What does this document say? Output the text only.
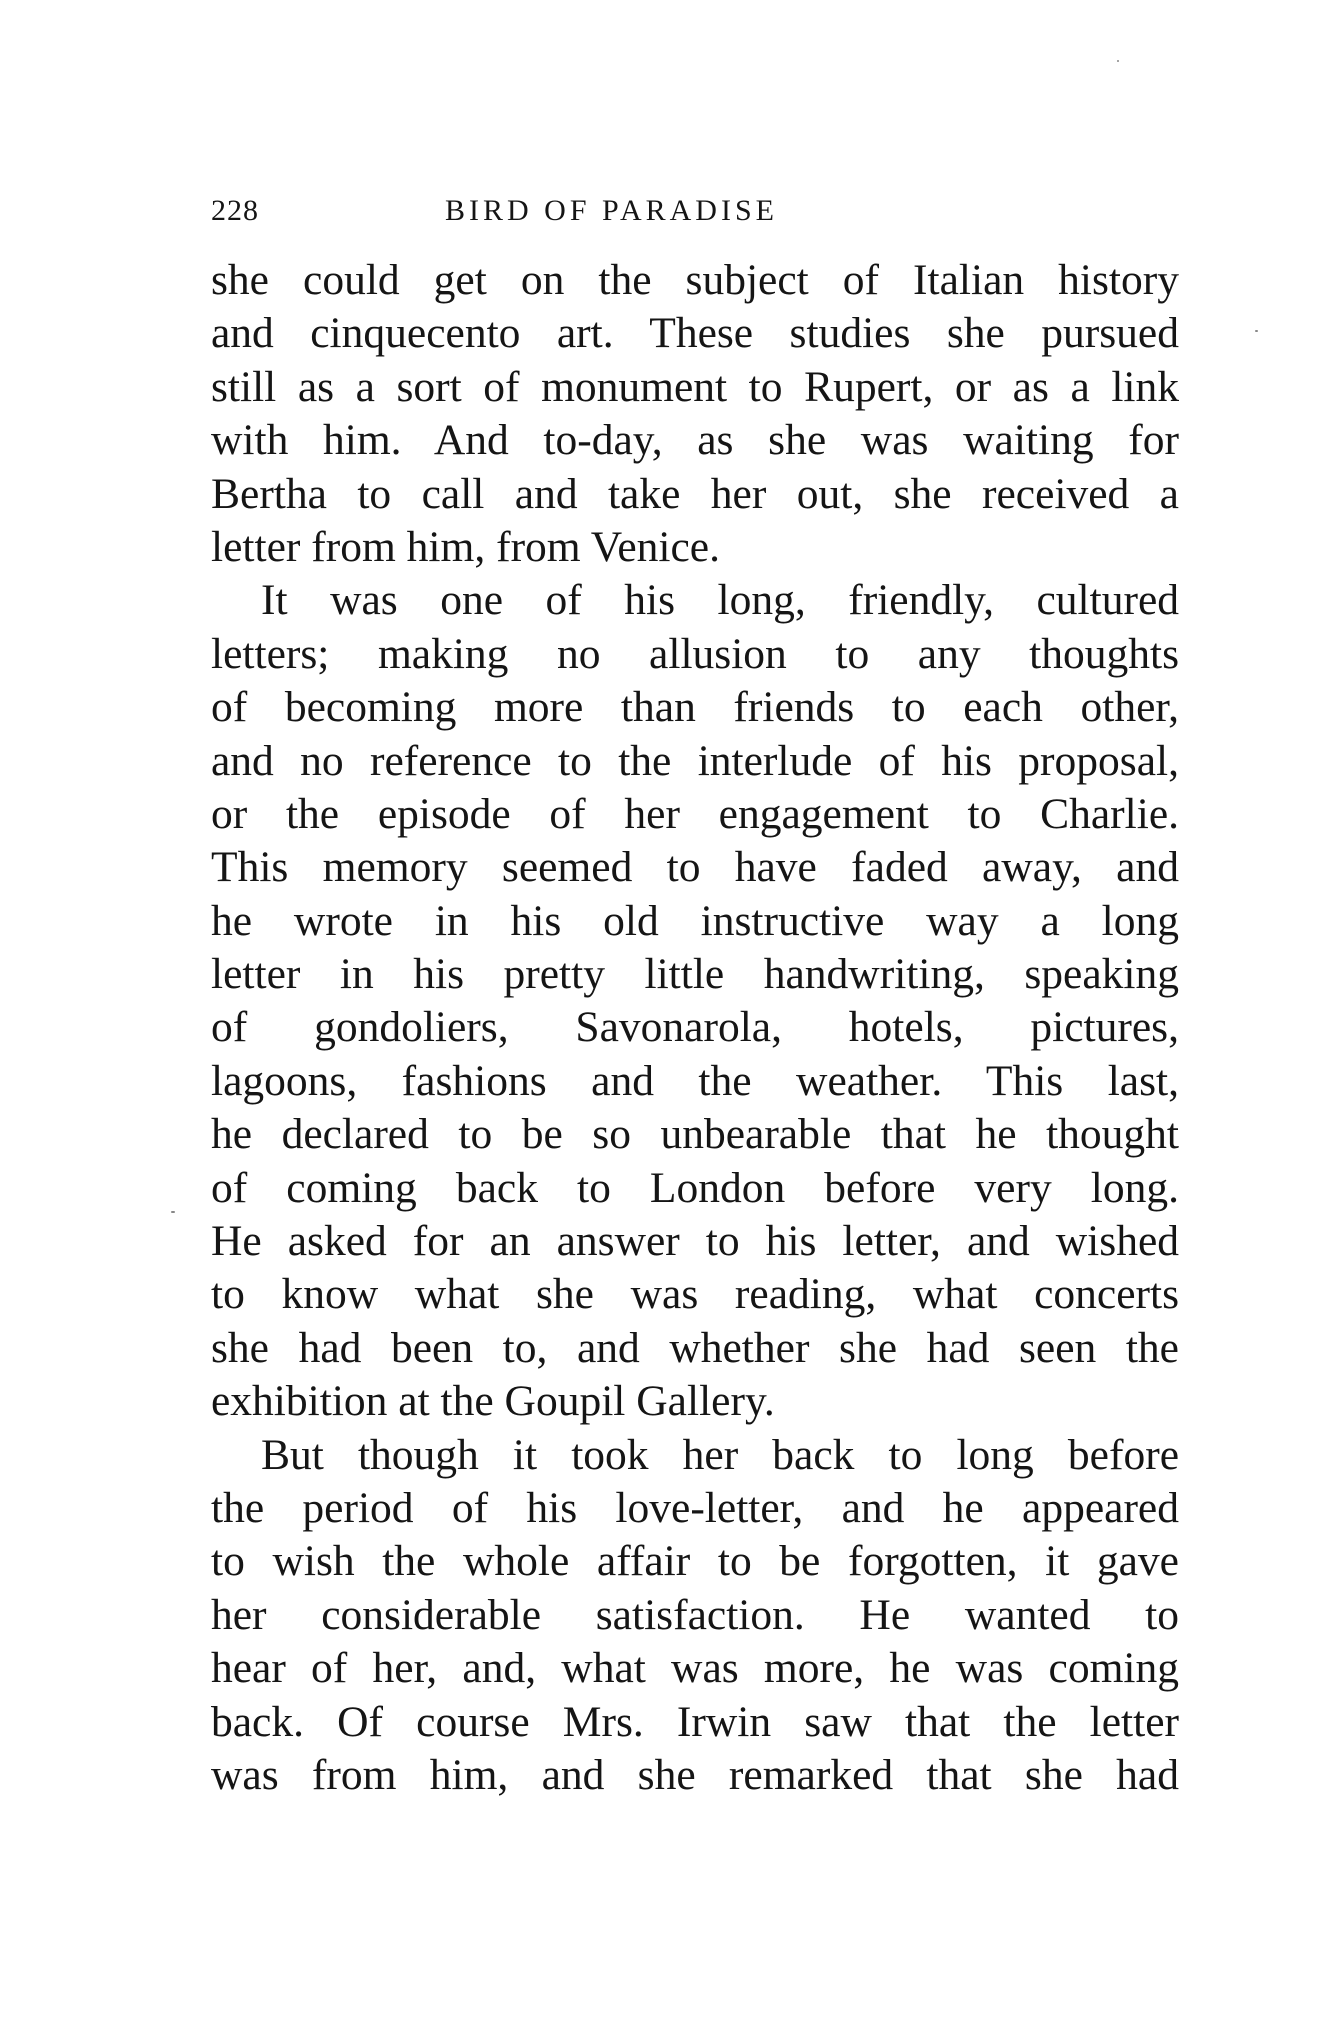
228	BIRD OF PARADISE
she could get on the subject of Italian history
and cinquecento art. These studies she pursued
still as a sort of monument to Rupert, or as a link
with him. And to-day, as she was waiting for
Bertha to call and take her out, she received a
letter from him, from Venice.
It was one of his long, friendly, cultured
letters; making no allusion to any thoughts
of becoming more than friends to each other,
and no reference to the interlude of his proposal,
or the episode of her engagement to Charlie.
This memory seemed to have faded away, and
he wrote in his old instructive way a long
letter in his pretty little handwriting, speaking
of gondoliers, Savonarola, hotels, pictures,
lagoons, fashions and the weather. This last,
he declared to be so unbearable that he thought
of coming back to London before very long.
He asked for an answer to his letter, and wished
to know what she was reading, what concerts
she had been to, and whether she had seen the
exhibition at the Goupil Gallery.
But though it took her back to long before
the period of his love-letter, and he appeared
to wish the whole affair to be forgotten, it gave
her considerable satisfaction. He wanted to
hear of her, and, what was more, he was coming
back. Of course Mrs. Irwin saw that the letter
was from him, and she remarked that she had
